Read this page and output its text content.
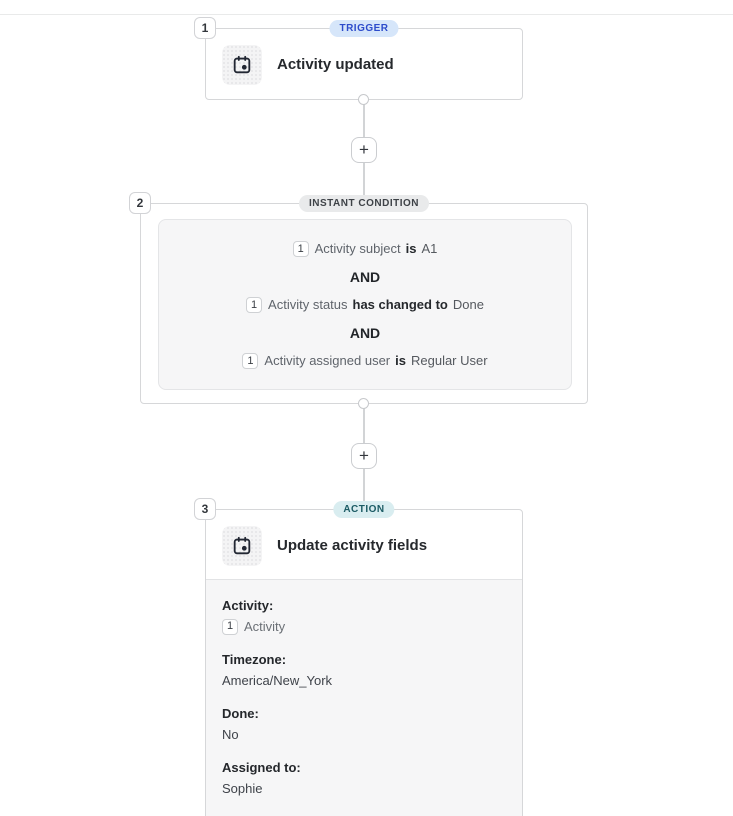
+
+
1
2
3
TRIGGER
Activity updated
INSTANT CONDITION
1 Activity subject is A1
AND
1 Activity status has changed to Done
AND
1 Activity assigned user is Regular User
ACTION
Update activity fields
Activity:
1 Activity
Timezone:
America/New_York
Done:
No
Assigned to:
Sophie
